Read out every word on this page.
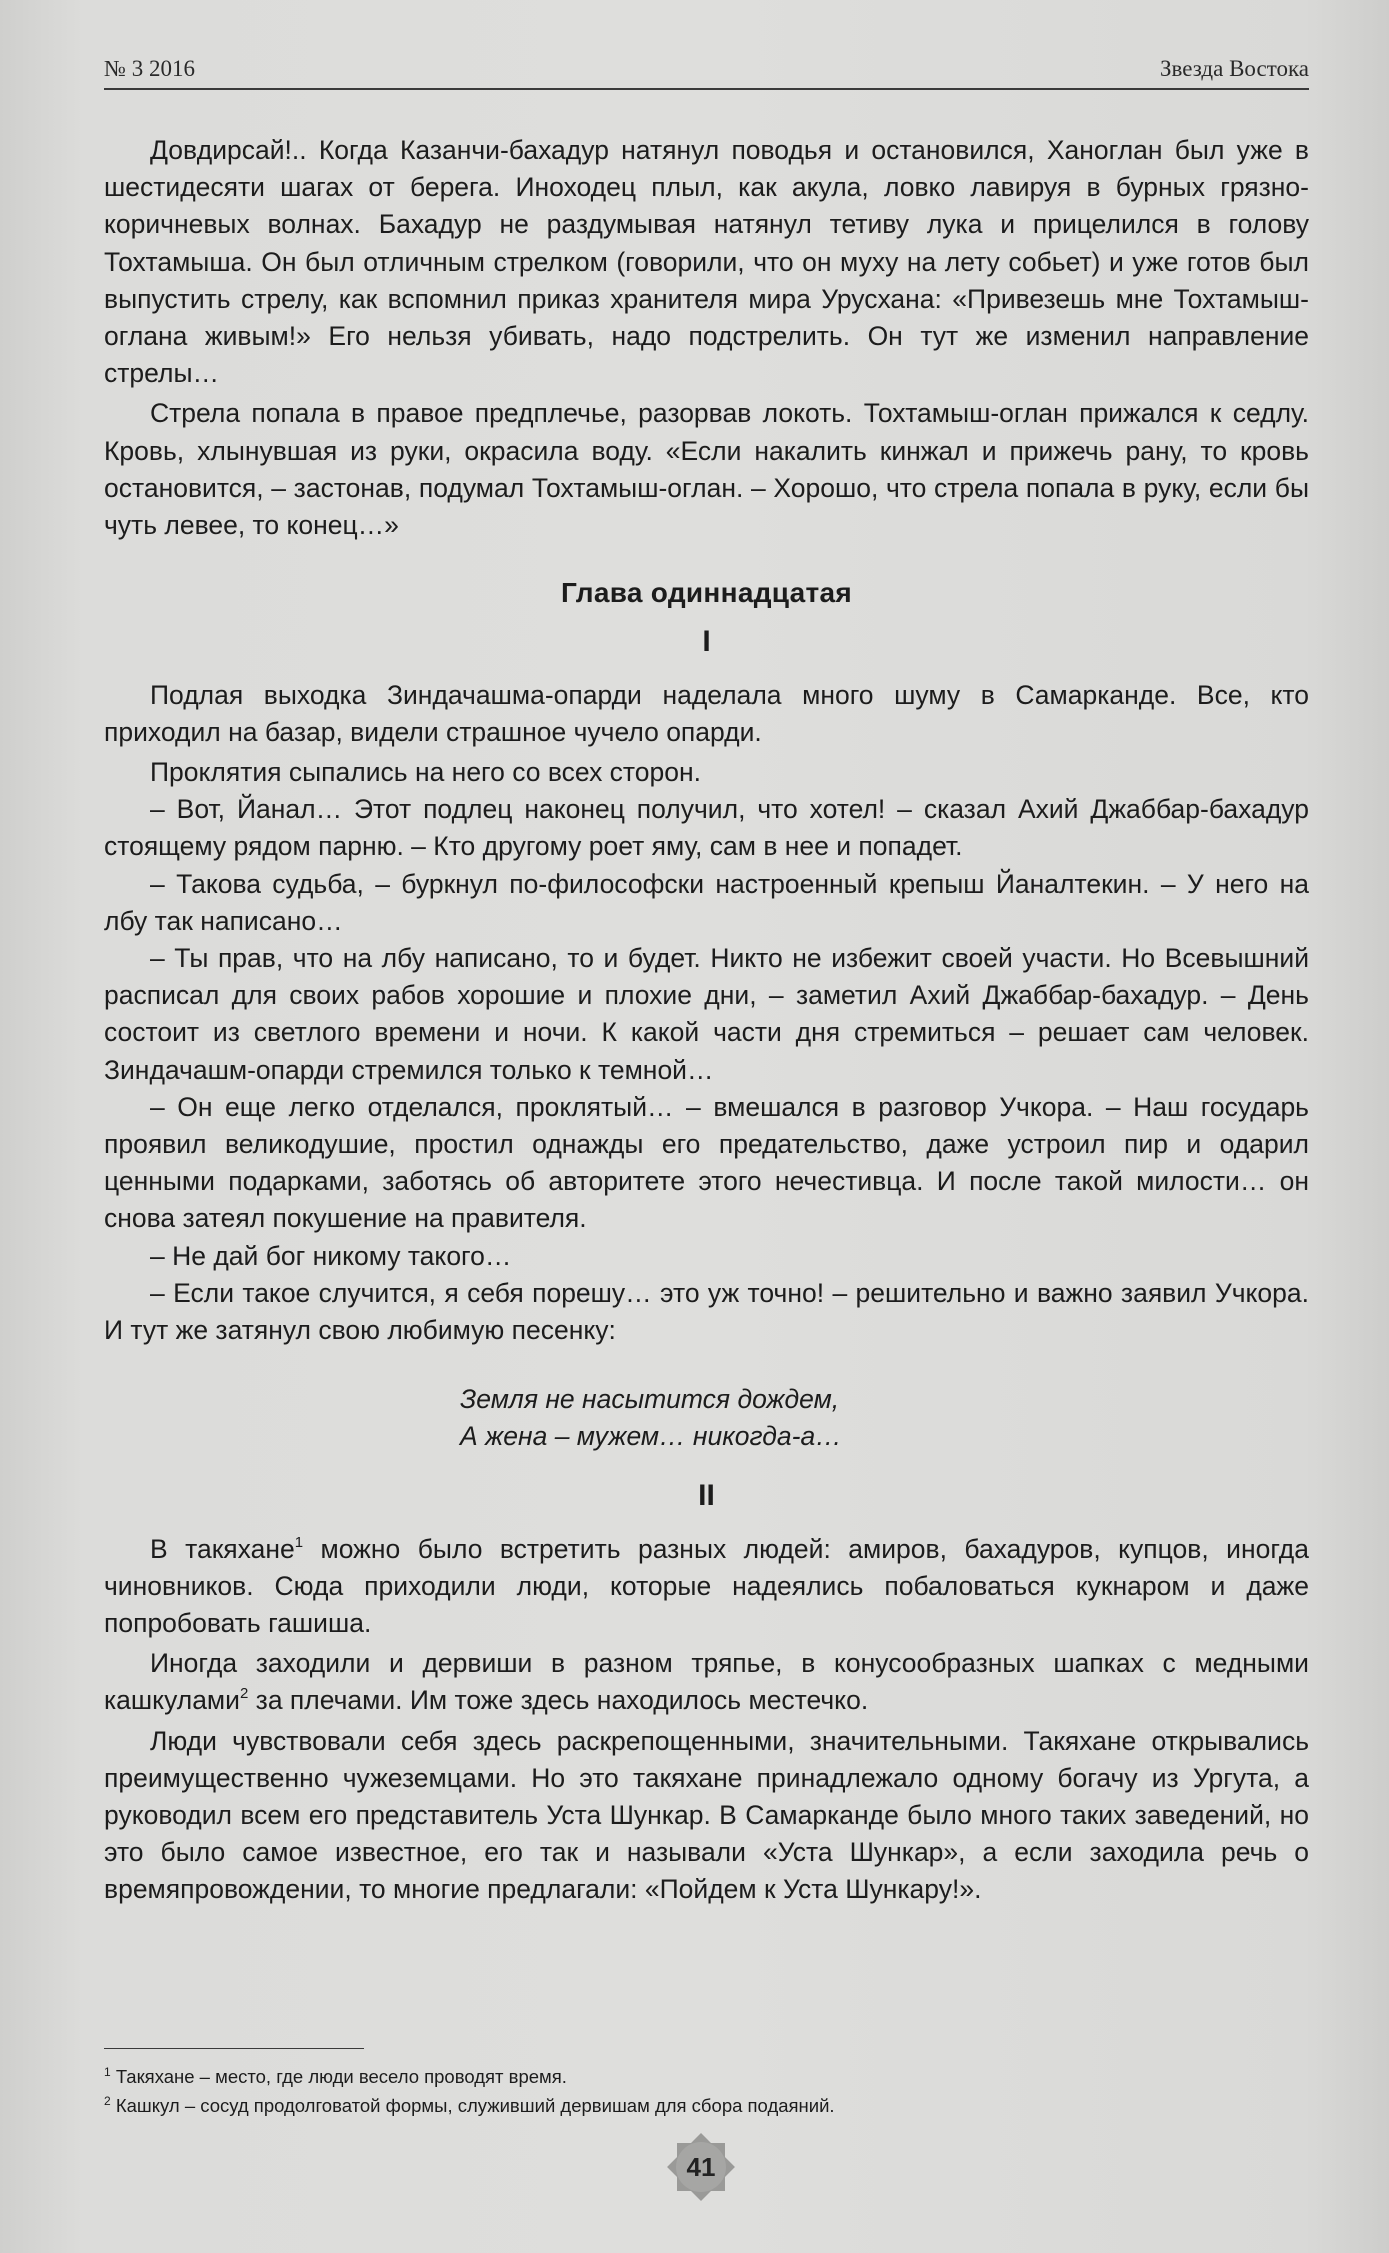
№ 3 2016	Звезда Востока

Довдирсай!.. Когда Казанчи-бахадур натянул поводья и остановился, Ханоглан был уже в шестидесяти шагах от берега. Иноходец плыл, как акула, ловко лавируя в бурных грязно-коричневых волнах. Бахадур не раздумывая натянул тетиву лука и прицелился в голову Тохтамыша. Он был отличным стрелком (говорили, что он муху на лету собьет) и уже готов был выпустить стрелу, как вспомнил приказ хранителя мира Урусхана: «Привезешь мне Тохтамыш-оглана живым!» Его нельзя убивать, надо подстрелить. Он тут же изменил направление стрелы…

Стрела попала в правое предплечье, разорвав локоть. Тохтамыш-оглан прижался к седлу. Кровь, хлынувшая из руки, окрасила воду. «Если накалить кинжал и прижечь рану, то кровь остановится, – застонав, подумал Тохтамыш-оглан. – Хорошо, что стрела попала в руку, если бы чуть левее, то конец…»

Глава одиннадцатая
I

Подлая выходка Зиндачашма-опарди наделала много шуму в Самарканде. Все, кто приходил на базар, видели страшное чучело опарди.

Проклятия сыпались на него со всех сторон.

– Вот, Йанал… Этот подлец наконец получил, что хотел! – сказал Ахий Джаббар-бахадур стоящему рядом парню. – Кто другому роет яму, сам в нее и попадет.

– Такова судьба, – буркнул по-философски настроенный крепыш Йаналтекин. – У него на лбу так написано…

– Ты прав, что на лбу написано, то и будет. Никто не избежит своей участи. Но Всевышний расписал для своих рабов хорошие и плохие дни, – заметил Ахий Джаббар-бахадур. – День состоит из светлого времени и ночи. К какой части дня стремиться – решает сам человек. Зиндачашм-опарди стремился только к темной…

– Он еще легко отделался, проклятый… – вмешался в разговор Учкора. – Наш государь проявил великодушие, простил однажды его предательство, даже устроил пир и одарил ценными подарками, заботясь об авторитете этого нечестивца. И после такой милости… он снова затеял покушение на правителя.

– Не дай бог никому такого…

– Если такое случится, я себя порешу… это уж точно! – решительно и важно заявил Учкора. И тут же затянул свою любимую песенку:

Земля не насытится дождем,
А жена – мужем… никогда-а…
II

В такяхане$^1$ можно было встретить разных людей: амиров, бахадуров, купцов, иногда чиновников. Сюда приходили люди, которые надеялись побаловаться кукнаром и даже попробовать гашиша.

Иногда заходили и дервиши в разном тряпье, в конусообразных шапках с медными кашкулами$^2$ за плечами. Им тоже здесь находилось местечко.

Люди чувствовали себя здесь раскрепощенными, значительными. Такяхане открывались преимущественно чужеземцами. Но это такяхане принадлежало одному богачу из Ургута, а руководил всем его представитель Уста Шункар. В Самарканде было много таких заведений, но это было самое известное, его так и называли «Уста Шункар», а если заходила речь о времяпровождении, то многие предлагали: «Пойдем к Уста Шункару!».

$^1$ Такяхане – место, где люди весело проводят время.
$^2$ Кашкул – сосуд продолговатой формы, служивший дервишам для сбора подаяний.
41
